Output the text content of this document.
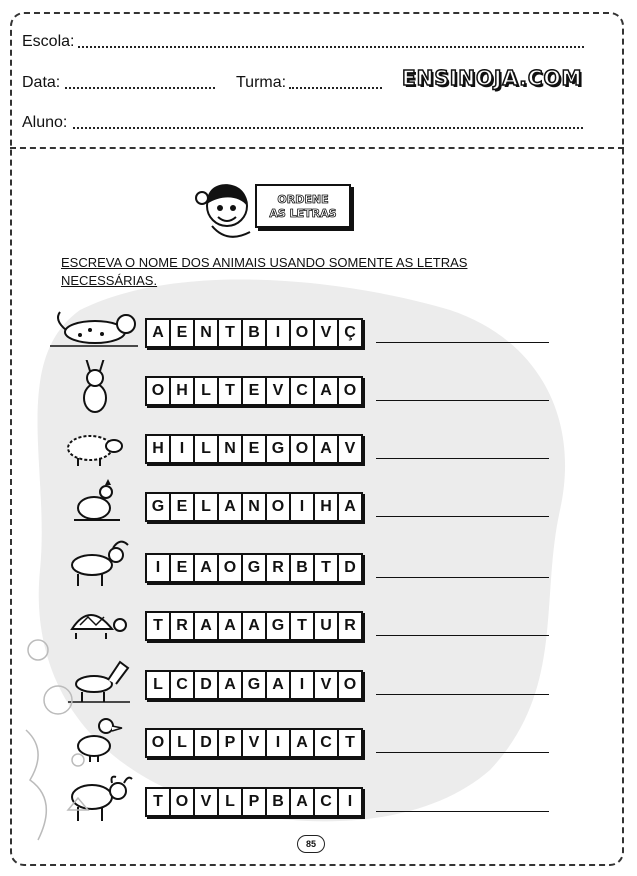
Escola:
Data:	Turma:	ENSINOJA.COM
Aluno:
ORDENE
AS LETRAS
ESCREVA O NOME DOS ANIMAIS USANDO SOMENTE AS LETRAS
NECESSÁRIAS.
A E N T B I O V Ç
O H L T E V C A O
H I	L N E G O A V
G E L A N O I	H A
I	E A O G R B T D
T R A A A G T U R
L C D A G A I	V O
O L D P V	I	A C T
T O V L P B A C I
85
